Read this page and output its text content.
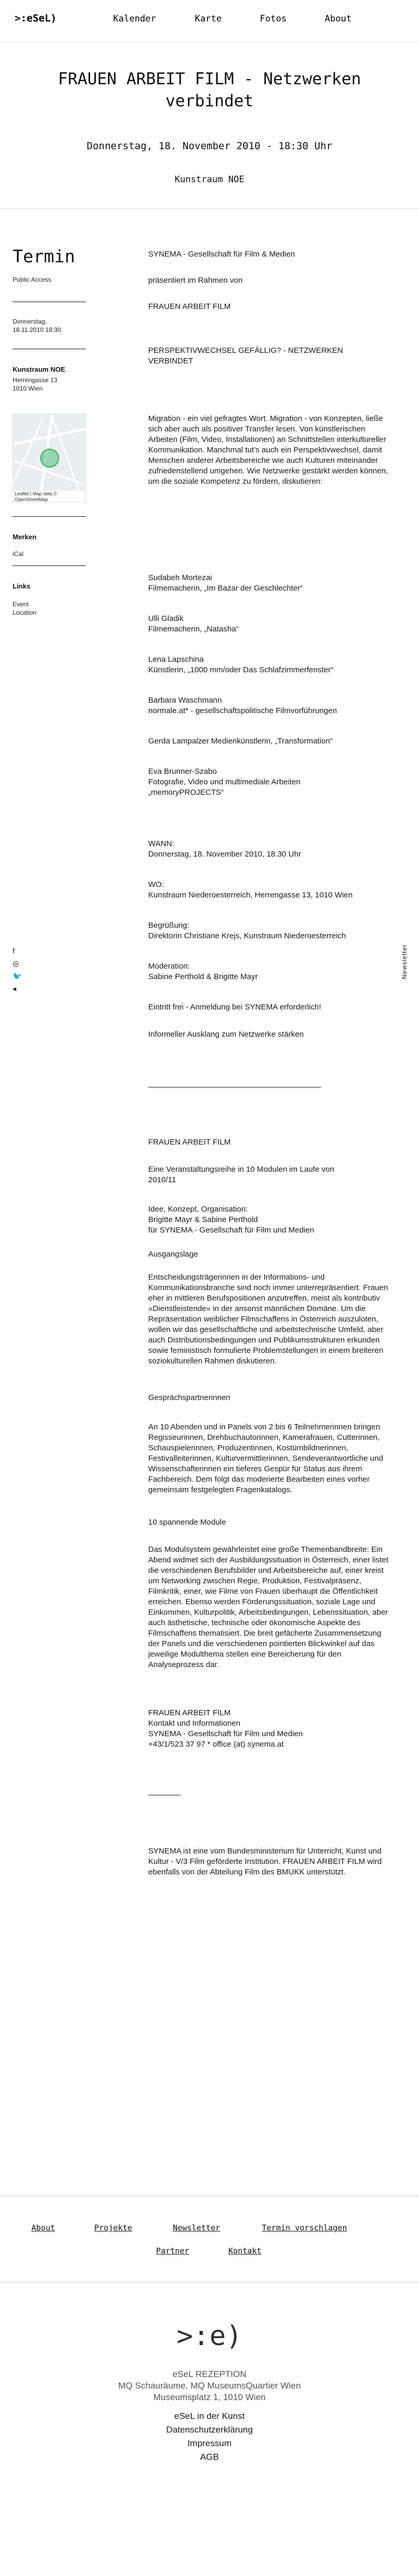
>:eSeL)	Kalender	Karte	Fotos	About
FRAUEN ARBEIT FILM - Netzwerken verbindet
Donnerstag, 18. November 2010 - 18:30 Uhr
Kunstraum NOE
Termin
Public Access
Donnerstag,
18.11.2010 18:30
Kunstraum NOE
Herrengasse 13
1010 Wien
Leaflet | Map data © OpenStreetMap
Merken
iCal
Links
Event
Location
f
◎
🐦
◂
Newsletter
SYNEMA - Gesellschaft für Film & Medien
präsentiert im Rahmen von
FRAUEN ARBEIT FILM
PERSPEKTIVWECHSEL GEFÄLLIG? - NETZWERKEN
VERBINDET
Migration - ein viel gefragtes Wort. Migration - von Konzepten, ließe sich aber auch als positiver Transfer lesen. Von künstlerischen Arbeiten (Film, Video, Installationen) an Schnittstellen interkultureller Kommunikation. Manchmal tut’s auch ein Perspektivwechsel, damit Menschen anderer Arbeitsbereiche wie auch Kulturen miteinander zufriedenstellend umgehen. Wie Netzwerke gestärkt werden können, um die soziale Kompetenz zu fördern, diskutieren:
Sudabeh Mortezai
Filmemacherin, „Im Bazar der Geschlechter“
Ulli Gladik
Filmemacherin, „Natasha“
Lena Lapschina
Künstlerin, „1000 mm/oder Das Schlafzimmerfenster“
Barbara Waschmann
normale.at* - gesellschaftspolitische Filmvorführungen
Gerda Lampalzer Medienkünstlerin, „Transformation“
Eva Brunner-Szabo
Fotografie, Video und multimediale Arbeiten
„memoryPROJECTS“
WANN:
Donnerstag, 18. November 2010, 18.30 Uhr
WO:
Kunstraum Niederoesterreich, Herrengasse 13, 1010 Wien
Begrüßung:
Direktorin Christiane Krejs, Kunstraum Niederoesterreich
Moderation:
Sabine Perthold & Brigitte Mayr
Eintritt frei - Anmeldung bei SYNEMA erforderlich!
Informeller Ausklang zum Netzwerke stärken
FRAUEN ARBEIT FILM
Eine Veranstaltungsreihe in 10 Modulen im Laufe von
2010/11
Idee, Konzept, Organisation:
Brigitte Mayr & Sabine Perthold
für SYNEMA - Gesellschaft für Film und Medien
Ausgangslage
Entscheidungsträgerinnen in der Informations- und Kommunikationsbranche sind noch immer unterrepräsentiert. Frauen eher in mittleren Berufspositionen anzutreffen, meist als kontributiv »Dienstleistende« in der ansonst männlichen Domäne. Um die Repräsentation weiblicher Filmschaffens in Österreich auszuloten, wollen wir das gesellschaftliche und arbeitstechnische Umfeld, aber auch Distributionsbedingungen und Publikumsstrukturen erkunden sowie feministisch formulierte Problemstellungen in einem breiteren soziokulturellen Rahmen diskutieren.
Gesprächspartnerinnen
An 10 Abenden und in Panels von 2 bis 6 Teilnehmerinnen bringen Regisseurinnen, Drehbuchautorinnen, Kamerafrauen, Cutterinnen, Schauspielerinnen, Produzentinnen, Kostümbildnerinnen, Festivalleiterinnen, Kulturvermittlerinnen, Sendeverantwortliche und Wissenschafterinnen ein tieferes Gespür für Status aus ihrem Fachbereich. Dem folgt das moderierte Bearbeiten eines vorher gemeinsam festgelegten Fragenkatalogs.
10 spannende Module
Das Modulsystem gewährleistet eine große Themenbandbreite: Ein Abend widmet sich der Ausbildungssituation in Österreich, einer listet die verschiedenen Berufsbilder und Arbeitsbereiche auf, einer kreist um Networking zwischen Regie, Produktion, Festivalpräsenz, Filmkritik, einer, wie Filme von Frauen überhaupt die Öffentlichkeit erreichen. Ebenso werden Förderungssituation, soziale Lage und Einkommen, Kulturpolitik, Arbeitsbedingungen, Lebenssituation, aber auch ästhetische, technische oder ökonomische Aspekte des Filmschaffens thematisiert. Die breit gefächerte Zusammensetzung der Panels und die verschiedenen pointierten Blickwinkel auf das jeweilige Modulthema stellen eine Bereicherung für den Analyseprozess dar.
FRAUEN ARBEIT FILM
Kontakt und Informationen
SYNEMA - Gesellschaft für Film und Medien
+43/1/523 37 97 * office (at) synema.at
SYNEMA ist eine vom Bundesministerium für Unterricht, Kunst und Kultur - V/3 Film geförderte Institution. FRAUEN ARBEIT FILM wird ebenfalls von der Abteilung Film des BMUKK unterstützt.
About	Projekte	Newsletter	Termin vorschlagen
Partner	Kontakt
>:e)
eSeL REZEPTION
MQ Schauräume, MQ MuseumsQuartier Wien
Museumsplatz 1, 1010 Wien
eSeL in der Kunst
Datenschutzerklärung
Impressum
AGB
